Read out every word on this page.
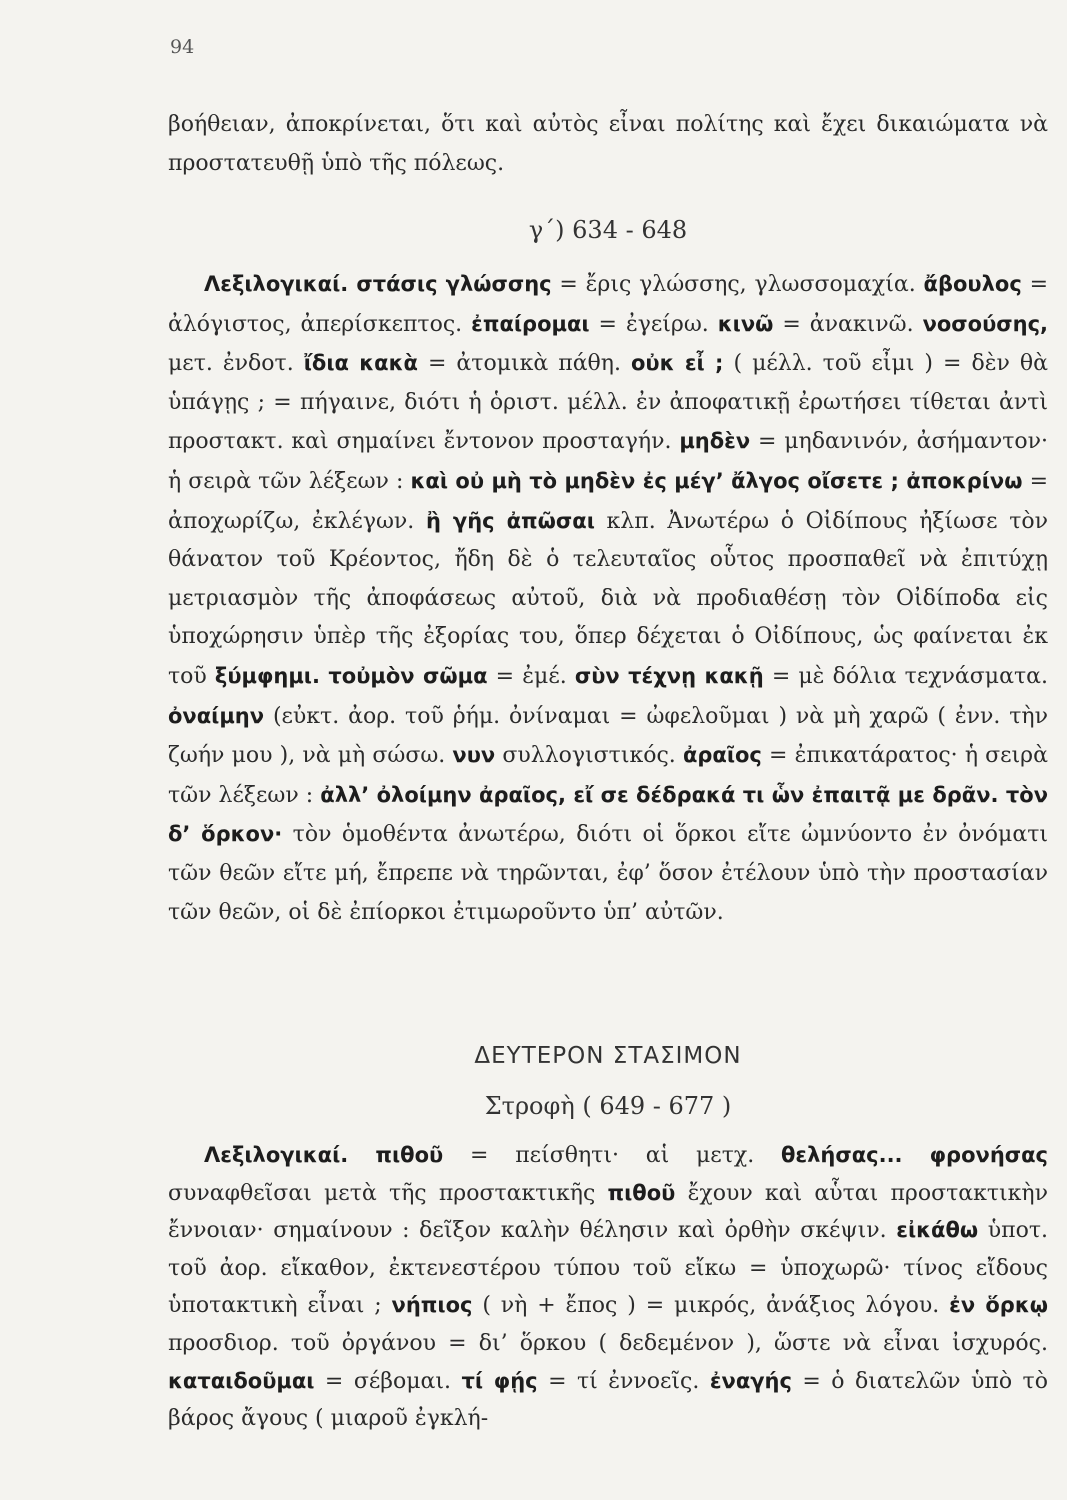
94

βοήθειαν, ἀποκρίνεται, ὅτι καὶ αὐτὸς εἶναι πολίτης καὶ ἔχει δικαιώματα νὰ προστατευθῇ ὑπὸ τῆς πόλεως.

γ΄) 634 - 648

Λεξιλογικαί. στάσις γλώσσης = ἔρις γλώσσης, γλωσσομαχία. ἄβουλος = ἀλόγιστος, ἀπερίσκεπτος. ἐπαίρομαι = ἐγείρω. κινῶ = ἀνακινῶ. νοσούσης, μετ. ἐνδοτ. ἴδια κακὰ = ἀτομικὰ πάθη. οὐκ εἶ ; ( μέλλ. τοῦ εἶμι ) = δὲν θὰ ὑπάγῃς ; = πήγαινε, διότι ἡ ὁριστ. μέλλ. ἐν ἀποφατικῇ ἐρωτήσει τίθεται ἀντὶ προστακτ. καὶ σημαίνει ἔντονον προσταγήν. μηδὲν = μηδανινόν, ἀσήμαντον· ἡ σειρὰ τῶν λέξεων : καὶ οὐ μὴ τὸ μηδὲν ἐς μέγ’ ἄλγος οἴσετε ; ἀποκρίνω = ἀποχωρίζω, ἐκλέγων. ἢ γῆς ἀπῶσαι κλπ. Ἀνωτέρω ὁ Οἰδίπους ἠξίωσε τὸν θάνατον τοῦ Κρέοντος, ἤδη δὲ ὁ τελευταῖος οὗτος προσπαθεῖ νὰ ἐπιτύχῃ μετριασμὸν τῆς ἀποφάσεως αὐτοῦ, διὰ νὰ προδιαθέσῃ τὸν Οἰδίποδα εἰς ὑποχώρησιν ὑπὲρ τῆς ἐξορίας του, ὅπερ δέχεται ὁ Οἰδίπους, ὡς φαίνεται ἐκ τοῦ ξύμφημι. τοὐμὸν σῶμα = ἐμέ. σὺν τέχνῃ κακῇ = μὲ δόλια τεχνάσματα. ὀναίμην (εὐκτ. ἀορ. τοῦ ῥήμ. ὀνίναμαι = ὠφελοῦμαι ) νὰ μὴ χαρῶ ( ἐνν. τὴν ζωήν μου ), νὰ μὴ σώσω. νυν συλλογιστικός. ἀραῖος = ἐπικατάρατος· ἡ σειρὰ τῶν λέξεων : ἀλλ’ ὀλοίμην ἀραῖος, εἴ σε δέδρακά τι ὧν ἐπαιτᾷ με δρᾶν. τὸν δ’ ὅρκον· τὸν ὁμοθέντα ἀνωτέρω, διότι οἱ ὅρκοι εἴτε ὠμνύοντο ἐν ὀνόματι τῶν θεῶν εἴτε μή, ἔπρεπε νὰ τηρῶνται, ἐφ’ ὅσον ἐτέλουν ὑπὸ τὴν προστασίαν τῶν θεῶν, οἱ δὲ ἐπίορκοι ἐτιμωροῦντο ὑπ’ αὐτῶν.

ΔΕΥΤΕΡΟΝ ΣΤΑΣΙΜΟΝ
Στροφὴ ( 649 - 677 )

Λεξιλογικαί. πιθοῦ = πείσθητι· αἱ μετχ. θελήσας... φρονήσας συναφθεῖσαι μετὰ τῆς προστακτικῆς πιθοῦ ἔχουν καὶ αὗται προστακτικὴν ἔννοιαν· σημαίνουν : δεῖξον καλὴν θέλησιν καὶ ὀρθὴν σκέψιν. εἰκάθω ὑποτ. τοῦ ἀορ. εἴκαθον, ἐκτενεστέρου τύπου τοῦ εἴκω = ὑποχωρῶ· τίνος εἴδους ὑποτακτικὴ εἶναι ; νήπιος ( νὴ + ἔπος ) = μικρός, ἀνάξιος λόγου. ἐν ὅρκῳ προσδιορ. τοῦ ὀργάνου = δι’ ὅρκου ( δεδεμένον ), ὥστε νὰ εἶναι ἰσχυρός. καταιδοῦμαι = σέβομαι. τί φῄς = τί ἐννοεῖς. ἐναγής = ὁ διατελῶν ὑπὸ τὸ βάρος ἄγους ( μιαροῦ ἐγκλή-
